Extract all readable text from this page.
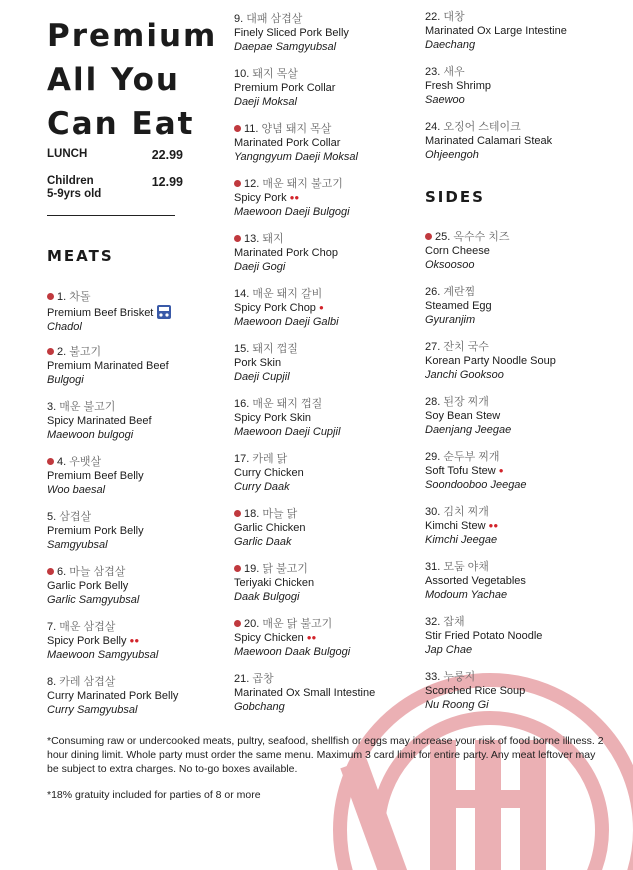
Premium
All You
Can Eat
LUNCH	22.99
Children
5-9yrs old
12.99
MEATS
SIDES
1. 차돌
Premium Beef Brisket
Chadol
2. 불고기
Premium Marinated Beef
Bulgogi
3. 매운 불고기
Spicy Marinated Beef
Maewoon bulgogi
4. 우뱃살
Premium Beef Belly
Woo baesal
5. 삼겹살
Premium Pork Belly
Samgyubsal
6. 마늘 삼겹살
Garlic Pork Belly
Garlic Samgyubsal
7. 매운 삼겹살
Spicy Pork Belly ●●
Maewoon Samgyubsal
8. 카레 삼겹살
Curry Marinated Pork Belly
Curry Samgyubsal
9. 대패 삼겹살
Finely Sliced Pork Belly
Daepae Samgyubsal
10. 돼지 목살
Premium Pork Collar
Daeji Moksal
11. 양념 돼지 목살
Marinated Pork Collar
Yangngyum Daeji Moksal
12. 매운 돼지 불고기
Spicy Pork ●●
Maewoon Daeji Bulgogi
13. 돼지
Marinated Pork Chop
Daeji Gogi
14. 매운 돼지 갈비
Spicy Pork Chop ●
Maewoon Daeji Galbi
15. 돼지 껍질
Pork Skin
Daeji Cupjil
16. 매운 돼지 껍질
Spicy Pork Skin
Maewoon Daeji Cupjil
17. 카레 닭
Curry Chicken
Curry Daak
18. 마늘 닭
Garlic Chicken
Garlic Daak
19. 닭 불고기
Teriyaki Chicken
Daak Bulgogi
20. 매운 닭 불고기
Spicy Chicken ●●
Maewoon Daak Bulgogi
21. 곱창
Marinated Ox Small Intestine
Gobchang
22. 대창
Marinated Ox Large Intestine
Daechang
23. 새우
Fresh Shrimp
Saewoo
24. 오징어 스테이크
Marinated Calamari Steak
Ohjeengoh
25. 옥수수 치즈
Corn Cheese
Oksoosoo
26. 계란찜
Steamed Egg
Gyuranjim
27. 잔치 국수
Korean Party Noodle Soup
Janchi Gooksoo
28. 된장 찌개
Soy Bean Stew
Daenjang Jeegae
29. 순두부 찌개
Soft Tofu Stew ●
Soondooboo Jeegae
30. 김치 찌개
Kimchi Stew ●●
Kimchi Jeegae
31. 모둠 야채
Assorted Vegetables
Modoum Yachae
32. 잡채
Stir Fried Potato Noodle
Jap Chae
33. 누룽지
Scorched Rice Soup
Nu Roong Gi
*Consuming raw or undercooked meats, pultry, seafood, shellfish or eggs may increase your risk of food borne illness. 2 hour dining limit. Whole party must order the same menu. Maximum 3 card limit for entire party. Any meat leftover may be subject to extra charges. No to-go boxes available.
*18% gratuity included for parties of 8 or more
